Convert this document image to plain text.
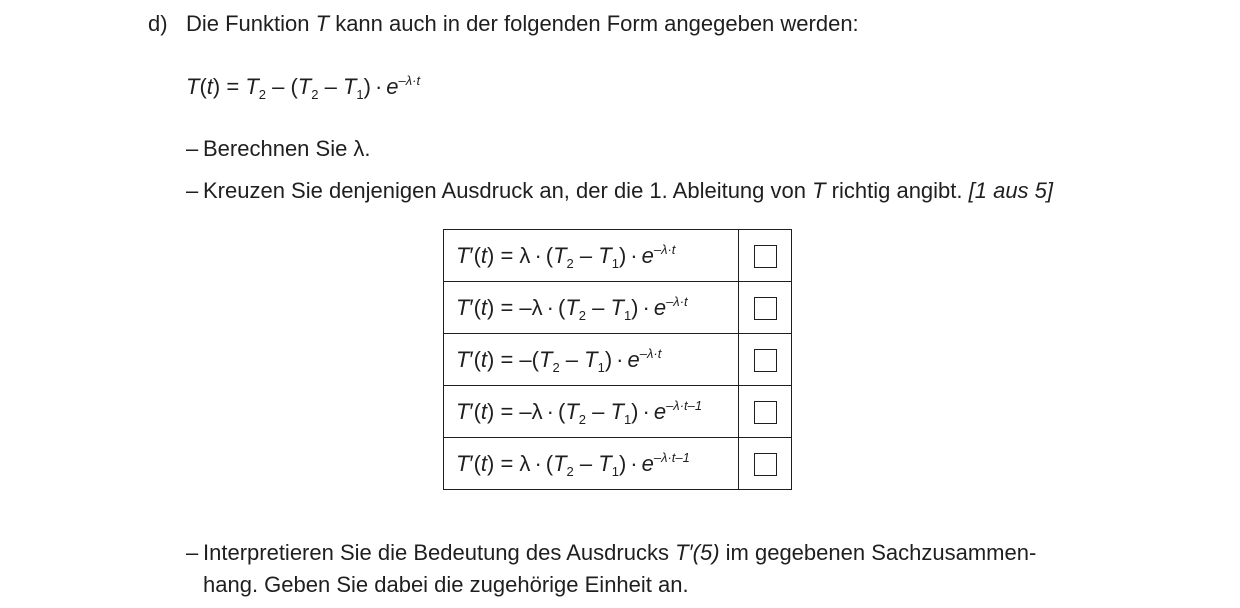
d) Die Funktion T kann auch in der folgenden Form angegeben werden:
$T(t) = T_2 - (T_2 - T_1) \cdot e^{-\lambda\cdot t}$
– Berechnen Sie λ.
– Kreuzen Sie denjenigen Ausdruck an, der die 1. Ableitung von T richtig angibt. [1 aus 5]
$T'(t) = \lambda \cdot (T_2 - T_1) \cdot e^{-\lambda\cdot t}$	
$T'(t) = -\lambda \cdot (T_2 - T_1) \cdot e^{-\lambda\cdot t}$	
$T'(t) = -(T_2 - T_1) \cdot e^{-\lambda\cdot t}$	
$T'(t) = -\lambda \cdot (T_2 - T_1) \cdot e^{-\lambda\cdot t-1}$	
$T'(t) = \lambda \cdot (T_2 - T_1) \cdot e^{-\lambda\cdot t-1}$	
– Interpretieren Sie die Bedeutung des Ausdrucks T′(5) im gegebenen Sachzusammen-
hang. Geben Sie dabei die zugehörige Einheit an.
